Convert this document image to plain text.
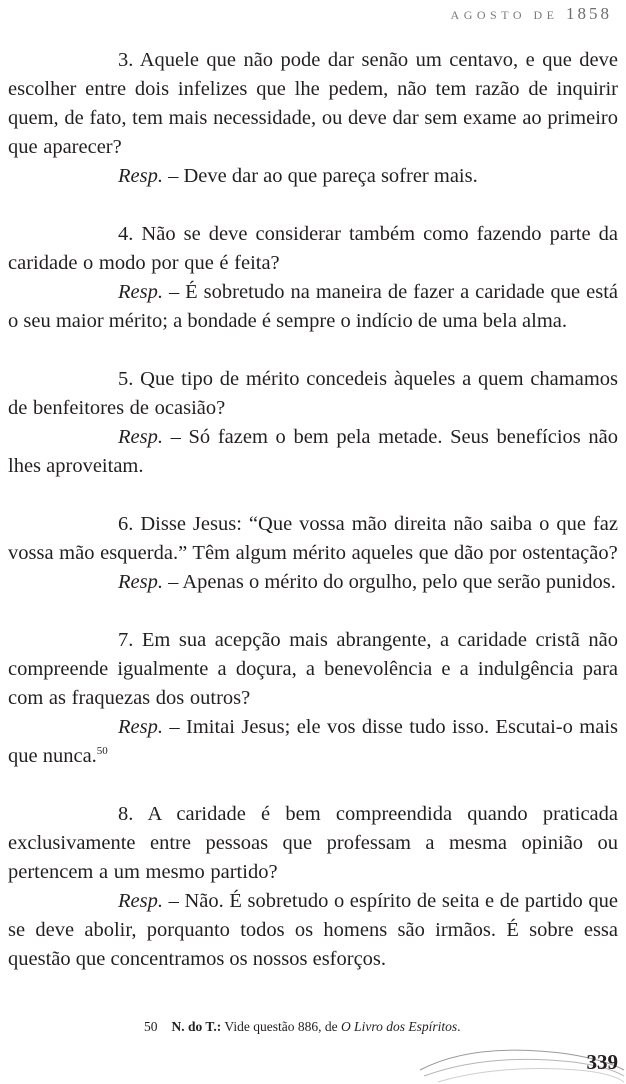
AGOSTO DE 1858

3. Aquele que não pode dar senão um centavo, e que deve escolher entre dois infelizes que lhe pedem, não tem razão de inquirir quem, de fato, tem mais necessidade, ou deve dar sem exame ao primeiro que aparecer?

Resp. – Deve dar ao que pareça sofrer mais.

4. Não se deve considerar também como fazendo parte da caridade o modo por que é feita?

Resp. – É sobretudo na maneira de fazer a caridade que está o seu maior mérito; a bondade é sempre o indício de uma bela alma.

5. Que tipo de mérito concedeis àqueles a quem chamamos de benfeitores de ocasião?

Resp. – Só fazem o bem pela metade. Seus benefícios não lhes aproveitam.

6. Disse Jesus: “Que vossa mão direita não saiba o que faz vossa mão esquerda.” Têm algum mérito aqueles que dão por ostentação?

Resp. – Apenas o mérito do orgulho, pelo que serão punidos.

7. Em sua acepção mais abrangente, a caridade cristã não compreende igualmente a doçura, a benevolência e a indulgência para com as fraquezas dos outros?

Resp. – Imitai Jesus; ele vos disse tudo isso. Escutai-o mais que nunca.$^{50}$

8. A caridade é bem compreendida quando praticada exclusivamente entre pessoas que professam a mesma opinião ou pertencem a um mesmo partido?

Resp. – Não. É sobretudo o espírito de seita e de partido que se deve abolir, porquanto todos os homens são irmãos. É sobre essa questão que concentramos os nossos esforços.

50 N. do T.: Vide questão 886, de O Livro dos Espíritos.
339
